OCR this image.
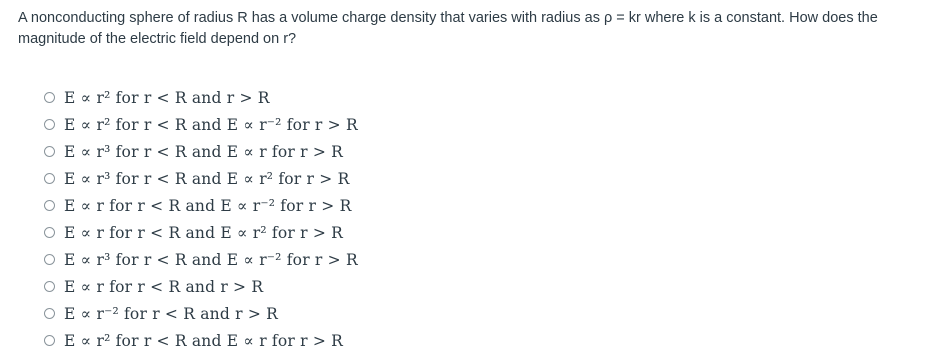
A nonconducting sphere of radius R has a volume charge density that varies with radius as ρ = kr where k is a constant. How does the magnitude of the electric field depend on r?
E ∝ r² for r < R and r > R
E ∝ r² for r < R and E ∝ r⁻² for r > R
E ∝ r³ for r < R and E ∝ r for r > R
E ∝ r³ for r < R and E ∝ r² for r > R
E ∝ r for r < R and E ∝ r⁻² for r > R
E ∝ r for r < R and E ∝ r² for r > R
E ∝ r³ for r < R and E ∝ r⁻² for r > R
E ∝ r for r < R and r > R
E ∝ r⁻² for r < R and r > R
E ∝ r² for r < R and E ∝ r for r > R
